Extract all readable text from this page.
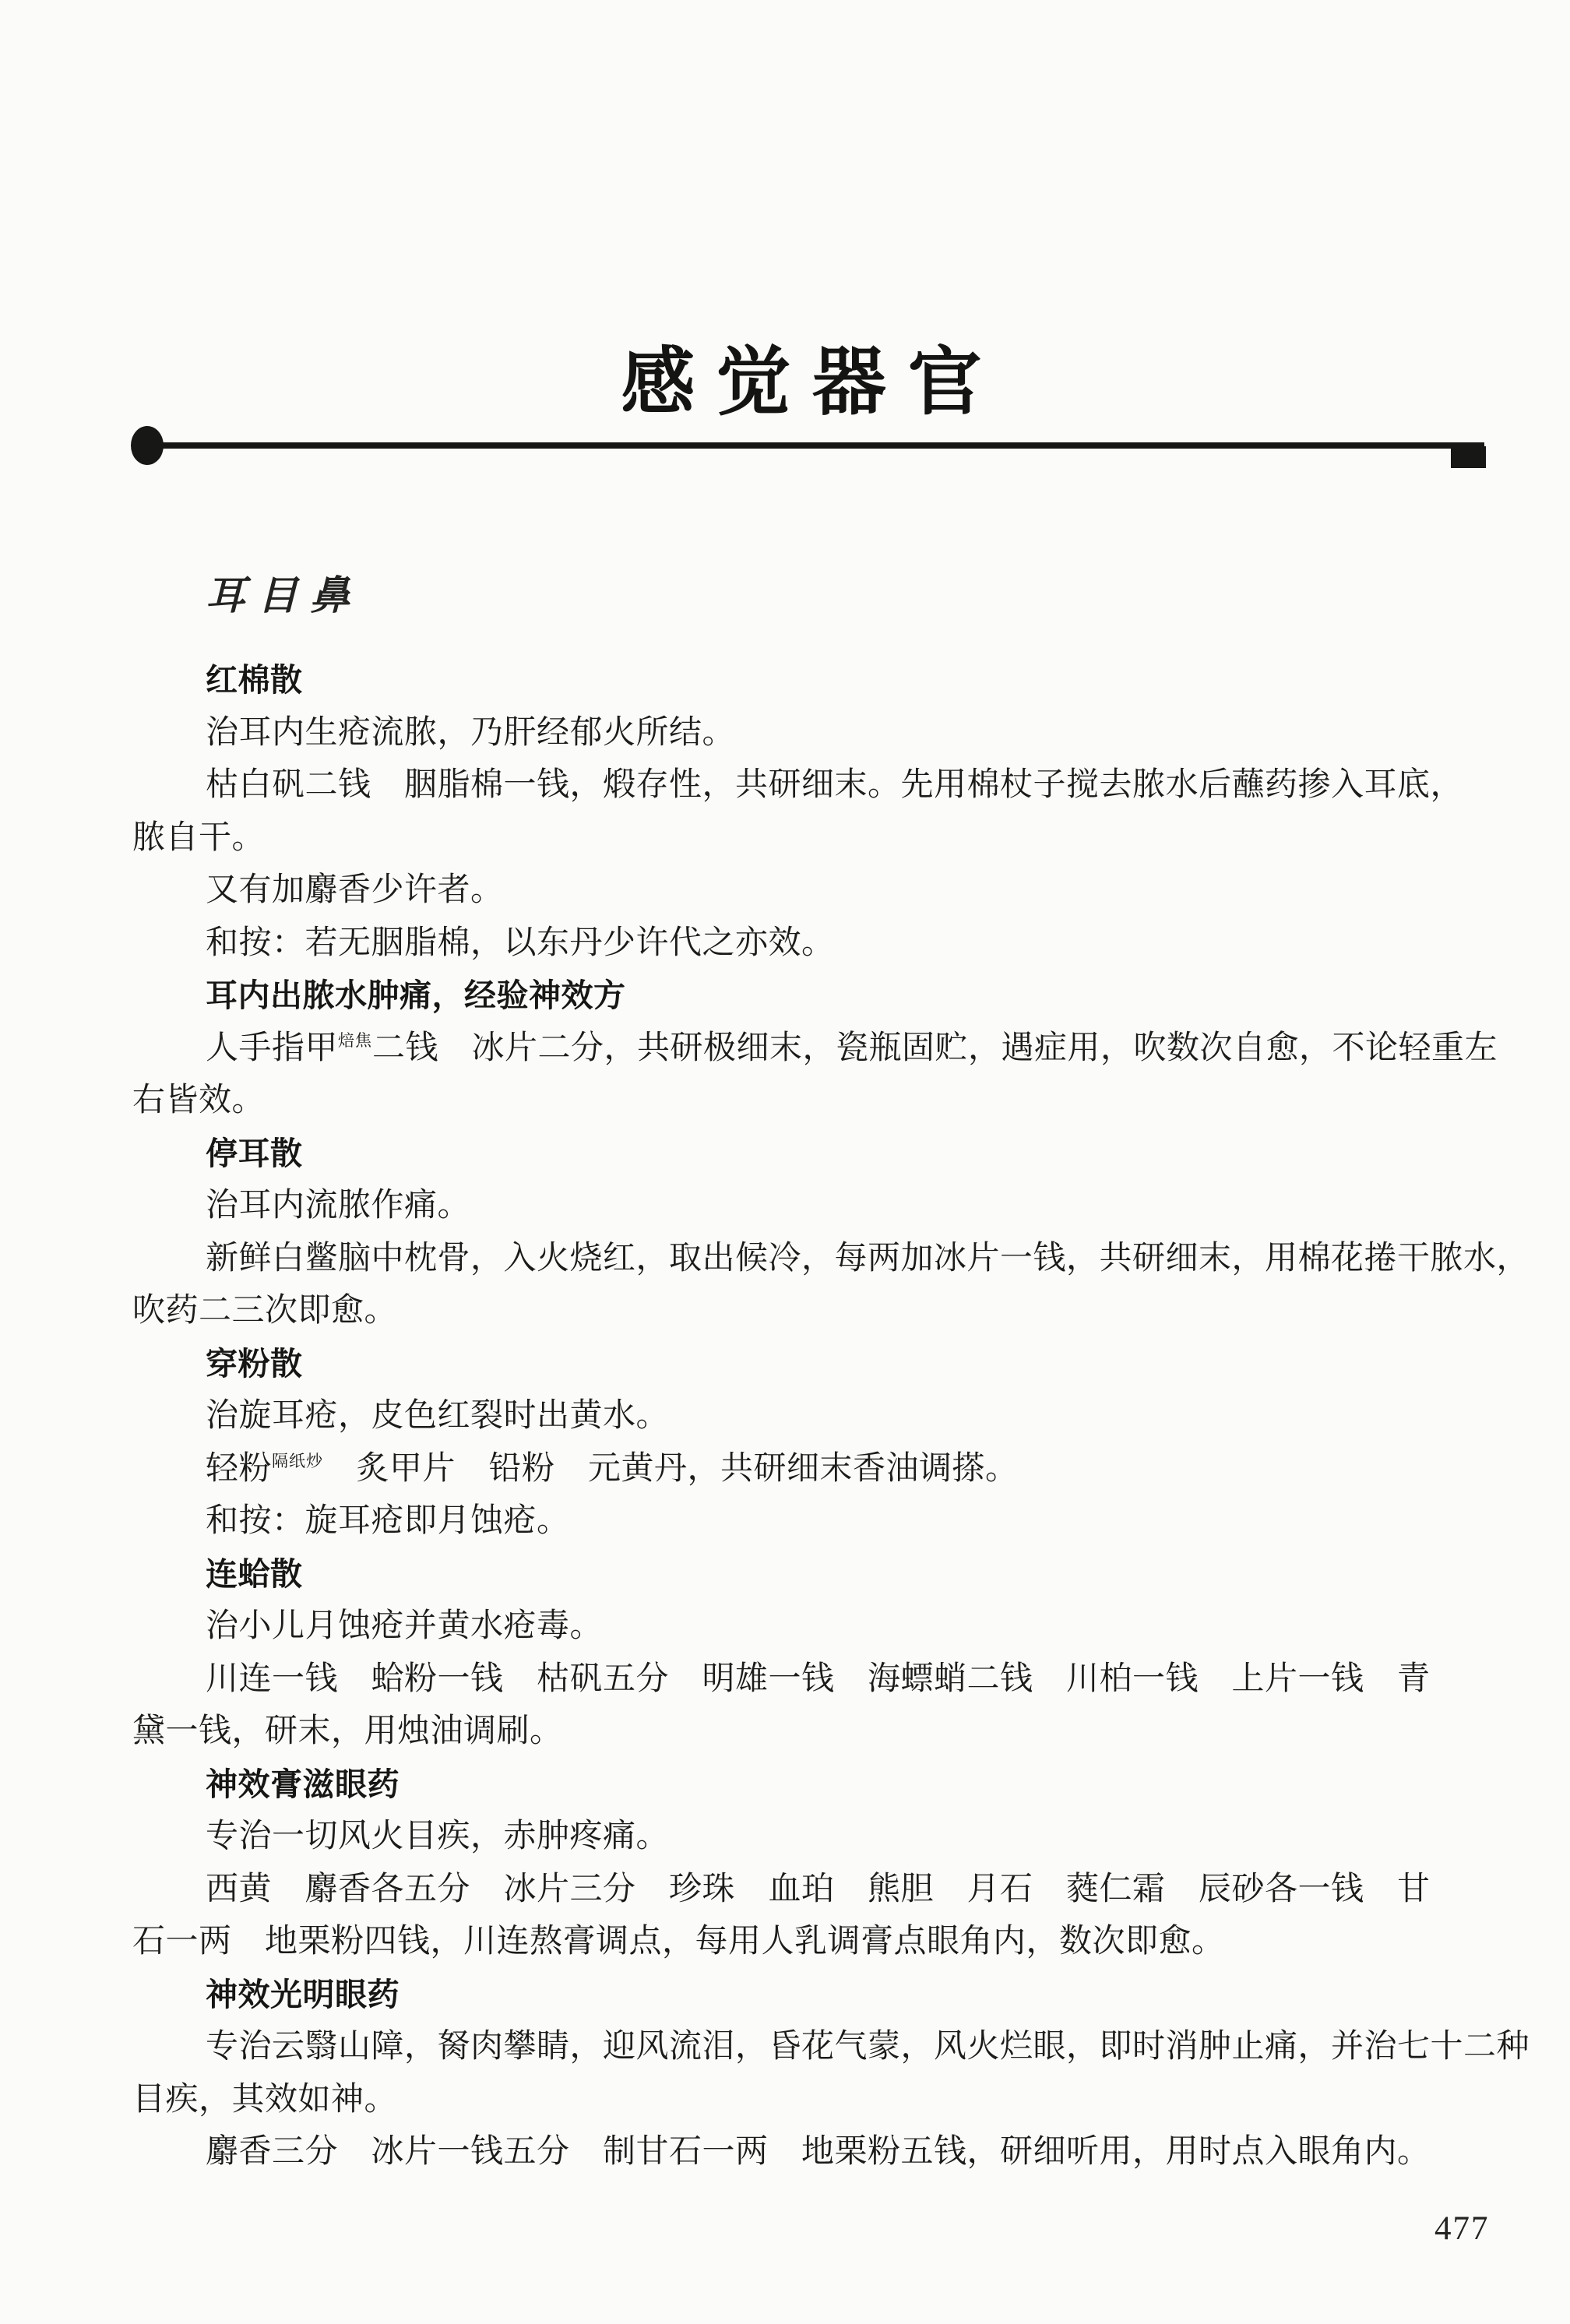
感 觉 器 官
耳目鼻
红棉散
治耳内生疮流脓，乃肝经郁火所结。
枯白矾二钱　胭脂棉一钱，煅存性，共研细末。先用棉杖子搅去脓水后蘸药掺入耳底，
脓自干。
又有加麝香少许者。
和按：若无胭脂棉，以东丹少许代之亦效。
耳内出脓水肿痛，经验神效方
人手指甲焙焦二钱　冰片二分，共研极细末，瓷瓶固贮，遇症用，吹数次自愈，不论轻重左
右皆效。
停耳散
治耳内流脓作痛。
新鲜白鳖脑中枕骨，入火烧红，取出候冷，每两加冰片一钱，共研细末，用棉花捲干脓水，
吹药二三次即愈。
穿粉散
治旋耳疮，皮色红裂时出黄水。
轻粉隔纸炒　炙甲片　铅粉　元黄丹，共研细末香油调搽。
和按：旋耳疮即月蚀疮。
连蛤散
治小儿月蚀疮并黄水疮毒。
川连一钱　蛤粉一钱　枯矾五分　明雄一钱　海螵蛸二钱　川柏一钱　上片一钱　青
黛一钱，研末，用烛油调刷。
神效膏滋眼药
专治一切风火目疾，赤肿疼痛。
西黄　麝香各五分　冰片三分　珍珠　血珀　熊胆　月石　蕤仁霜　辰砂各一钱　甘
石一两　地栗粉四钱，川连熬膏调点，每用人乳调膏点眼角内，数次即愈。
神效光明眼药
专治云翳山障，胬肉攀睛，迎风流泪，昏花气蒙，风火烂眼，即时消肿止痛，并治七十二种
目疾，其效如神。
麝香三分　冰片一钱五分　制甘石一两　地栗粉五钱，研细听用，用时点入眼角内。
477
